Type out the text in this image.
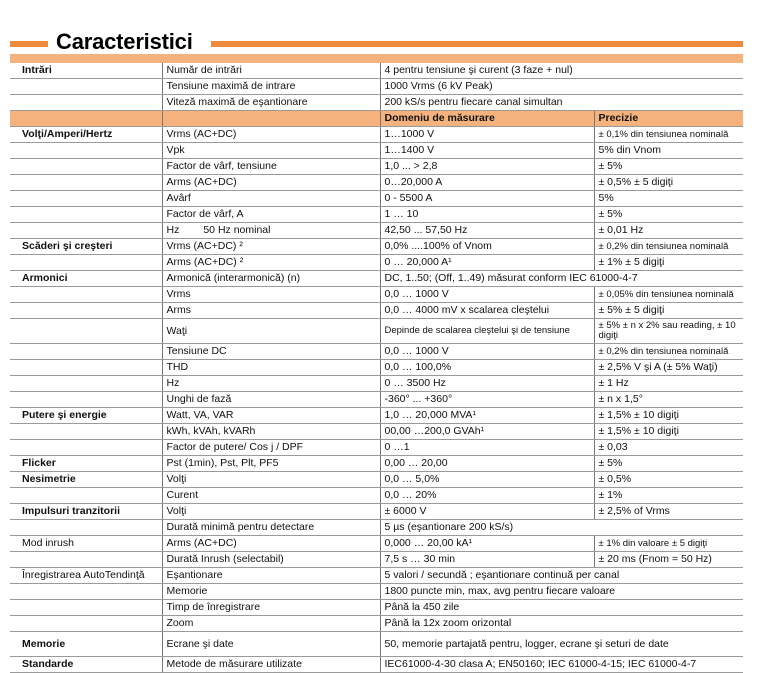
Caracteristici
Intrări	Număr de intrări	4 pentru tensiune şi curent (3 faze + nul)	
	Tensiune maximă de intrare	1000 Vrms (6 kV Peak)	
	Viteză maximă de eşantionare	200 kS/s pentru fiecare canal simultan	
		Domeniu de măsurare	Precizie
Volţi/Amperi/Hertz	Vrms (AC+DC)	1…1000 V	± 0,1% din tensiunea nominală
	Vpk	1…1400 V	5% din Vnom
	Factor de vârf, tensiune	1,0 ... > 2,8	± 5%
	Arms (AC+DC)	0…20,000 A	± 0,5% ± 5 digiţi
	Avârf	0 - 5500 A	5%
	Factor de vârf, A	1 … 10	± 5%
	Hz 50 Hz nominal	42,50 ... 57,50 Hz	± 0,01 Hz
Scăderi şi creşteri	Vrms (AC+DC) ²	0,0% ....100% of Vnom	± 0,2% din tensiunea nominală
	Arms (AC+DC) ²	0 … 20,000 A¹	± 1% ± 5 digiţi
Armonici	Armonică (interarmonică) (n)	DC, 1..50; (Off, 1..49) măsurat conform IEC 61000-4-7	
	Vrms	0,0 … 1000 V	± 0,05% din tensiunea nominală
	Arms	0,0 … 4000 mV x scalarea cleştelui	± 5% ± 5 digiţi
	Waţi	Depinde de scalarea cleştelui şi de tensiune	± 5% ± n x 2% sau reading, ± 10 digiţi
	Tensiune DC	0,0 … 1000 V	± 0,2% din tensiunea nominală
	THD	0,0 … 100,0%	± 2,5% V şi A (± 5% Waţi)
	Hz	0 … 3500 Hz	± 1 Hz
	Unghi de fază	-360° ... +360°	± n x 1,5°
Putere şi energie	Watt, VA, VAR	1,0 … 20,000 MVA¹	± 1,5% ± 10 digiţi
	kWh, kVAh, kVARh	00,00 …200,0 GVAh¹	± 1,5% ± 10 digiţi
	Factor de putere/ Cos j / DPF	0 …1	± 0,03
Flicker	Pst (1min), Pst, Plt, PF5	0,00 … 20,00	± 5%
Nesimetrie	Volţi	0,0 … 5,0%	± 0,5%
	Curent	0,0 … 20%	± 1%
Impulsuri tranzitorii	Volţi	± 6000 V	± 2,5% of Vrms
	Durată minimă pentru detectare	5 µs (eşantionare 200 kS/s)	
Mod inrush	Arms (AC+DC)	0,000 … 20,00 kA¹	± 1% din valoare ± 5 digiţi
	Durată Inrush (selectabil)	7,5 s … 30 min	± 20 ms (Fnom = 50 Hz)
Înregistrarea AutoTendinţă	Eşantionare	5 valori / secundă ; eşantionare continuă per canal	
	Memorie	1800 puncte min, max, avg pentru fiecare valoare	
	Timp de înregistrare	Până la 450 zile	
	Zoom	Până la 12x zoom orizontal	
Memorie	Ecrane şi date	50, memorie partajată pentru, logger, ecrane şi seturi de date	
Standarde	Metode de măsurare utilizate	IEC61000-4-30 clasa A; EN50160; IEC 61000-4-15; IEC 61000-4-7	
